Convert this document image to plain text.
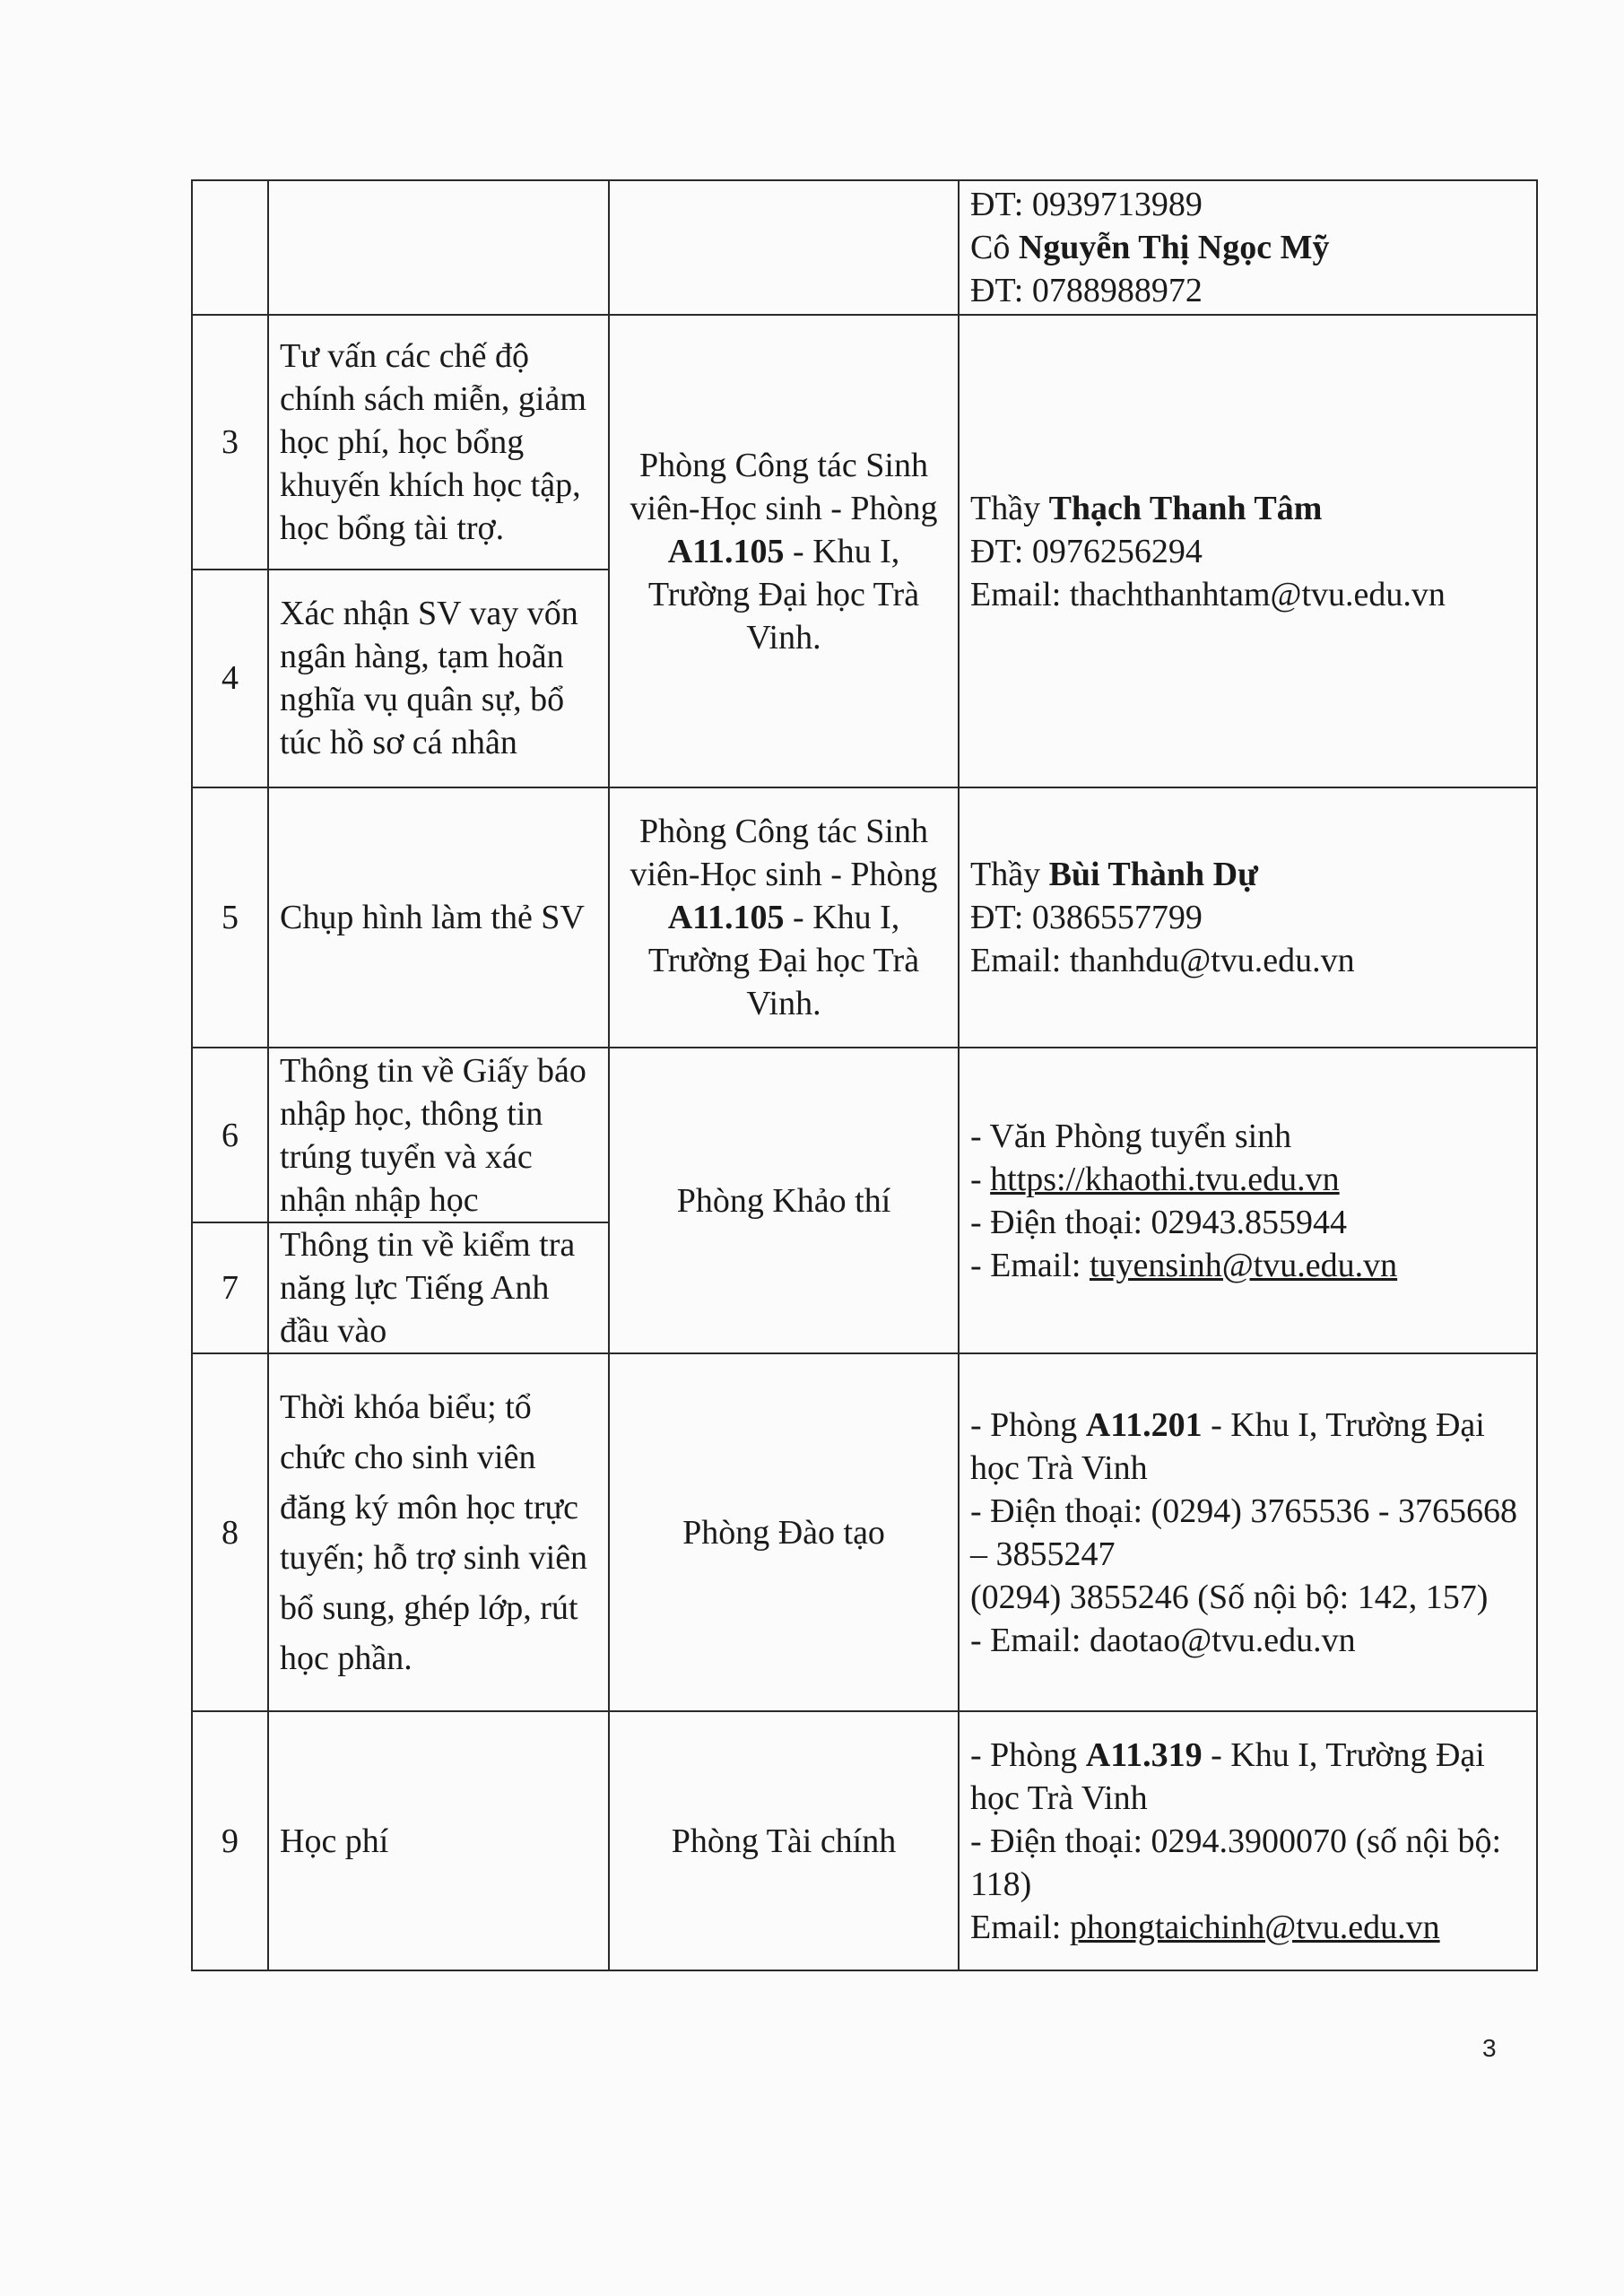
			ĐT: 0939713989
Cô Nguyễn Thị Ngọc Mỹ
ĐT: 0788988972

3	Tư vấn các chế độ chính sách miễn, giảm học phí, học bổng khuyến khích học tập, học bổng tài trợ.	Phòng Công tác Sinh viên-Học sinh - Phòng A11.105 - Khu I, Trường Đại học Trà Vinh.	Thầy Thạch Thanh Tâm
ĐT: 0976256294
Email: thachthanhtam@tvu.edu.vn

4	Xác nhận SV vay vốn ngân hàng, tạm hoãn nghĩa vụ quân sự, bổ túc hồ sơ cá nhân		
5	Chụp hình làm thẻ SV	Phòng Công tác Sinh viên-Học sinh - Phòng A11.105 - Khu I, Trường Đại học Trà Vinh.	Thầy Bùi Thành Dự
ĐT: 0386557799
Email: thanhdu@tvu.edu.vn

6	Thông tin về Giấy báo nhập học, thông tin trúng tuyển và xác nhận nhập học	Phòng Khảo thí	- Văn Phòng tuyển sinh
- https://khaothi.tvu.edu.vn
- Điện thoại: 02943.855944
- Email: tuyensinh@tvu.edu.vn

7	Thông tin về kiểm tra năng lực Tiếng Anh đầu vào		
8	Thời khóa biểu; tổ chức cho sinh viên đăng ký môn học trực tuyến; hỗ trợ sinh viên bổ sung, ghép lớp, rút học phần.	Phòng Đào tạo	- Phòng A11.201 - Khu I, Trường Đại học Trà Vinh
- Điện thoại: (0294) 3765536 - 3765668 – 3855247
(0294) 3855246 (Số nội bộ: 142, 157)
- Email: daotao@tvu.edu.vn

9	Học phí	Phòng Tài chính	- Phòng A11.319 - Khu I, Trường Đại học Trà Vinh
- Điện thoại: 0294.3900070 (số nội bộ: 118)
Email: phongtaichinh@tvu.edu.vn
3
